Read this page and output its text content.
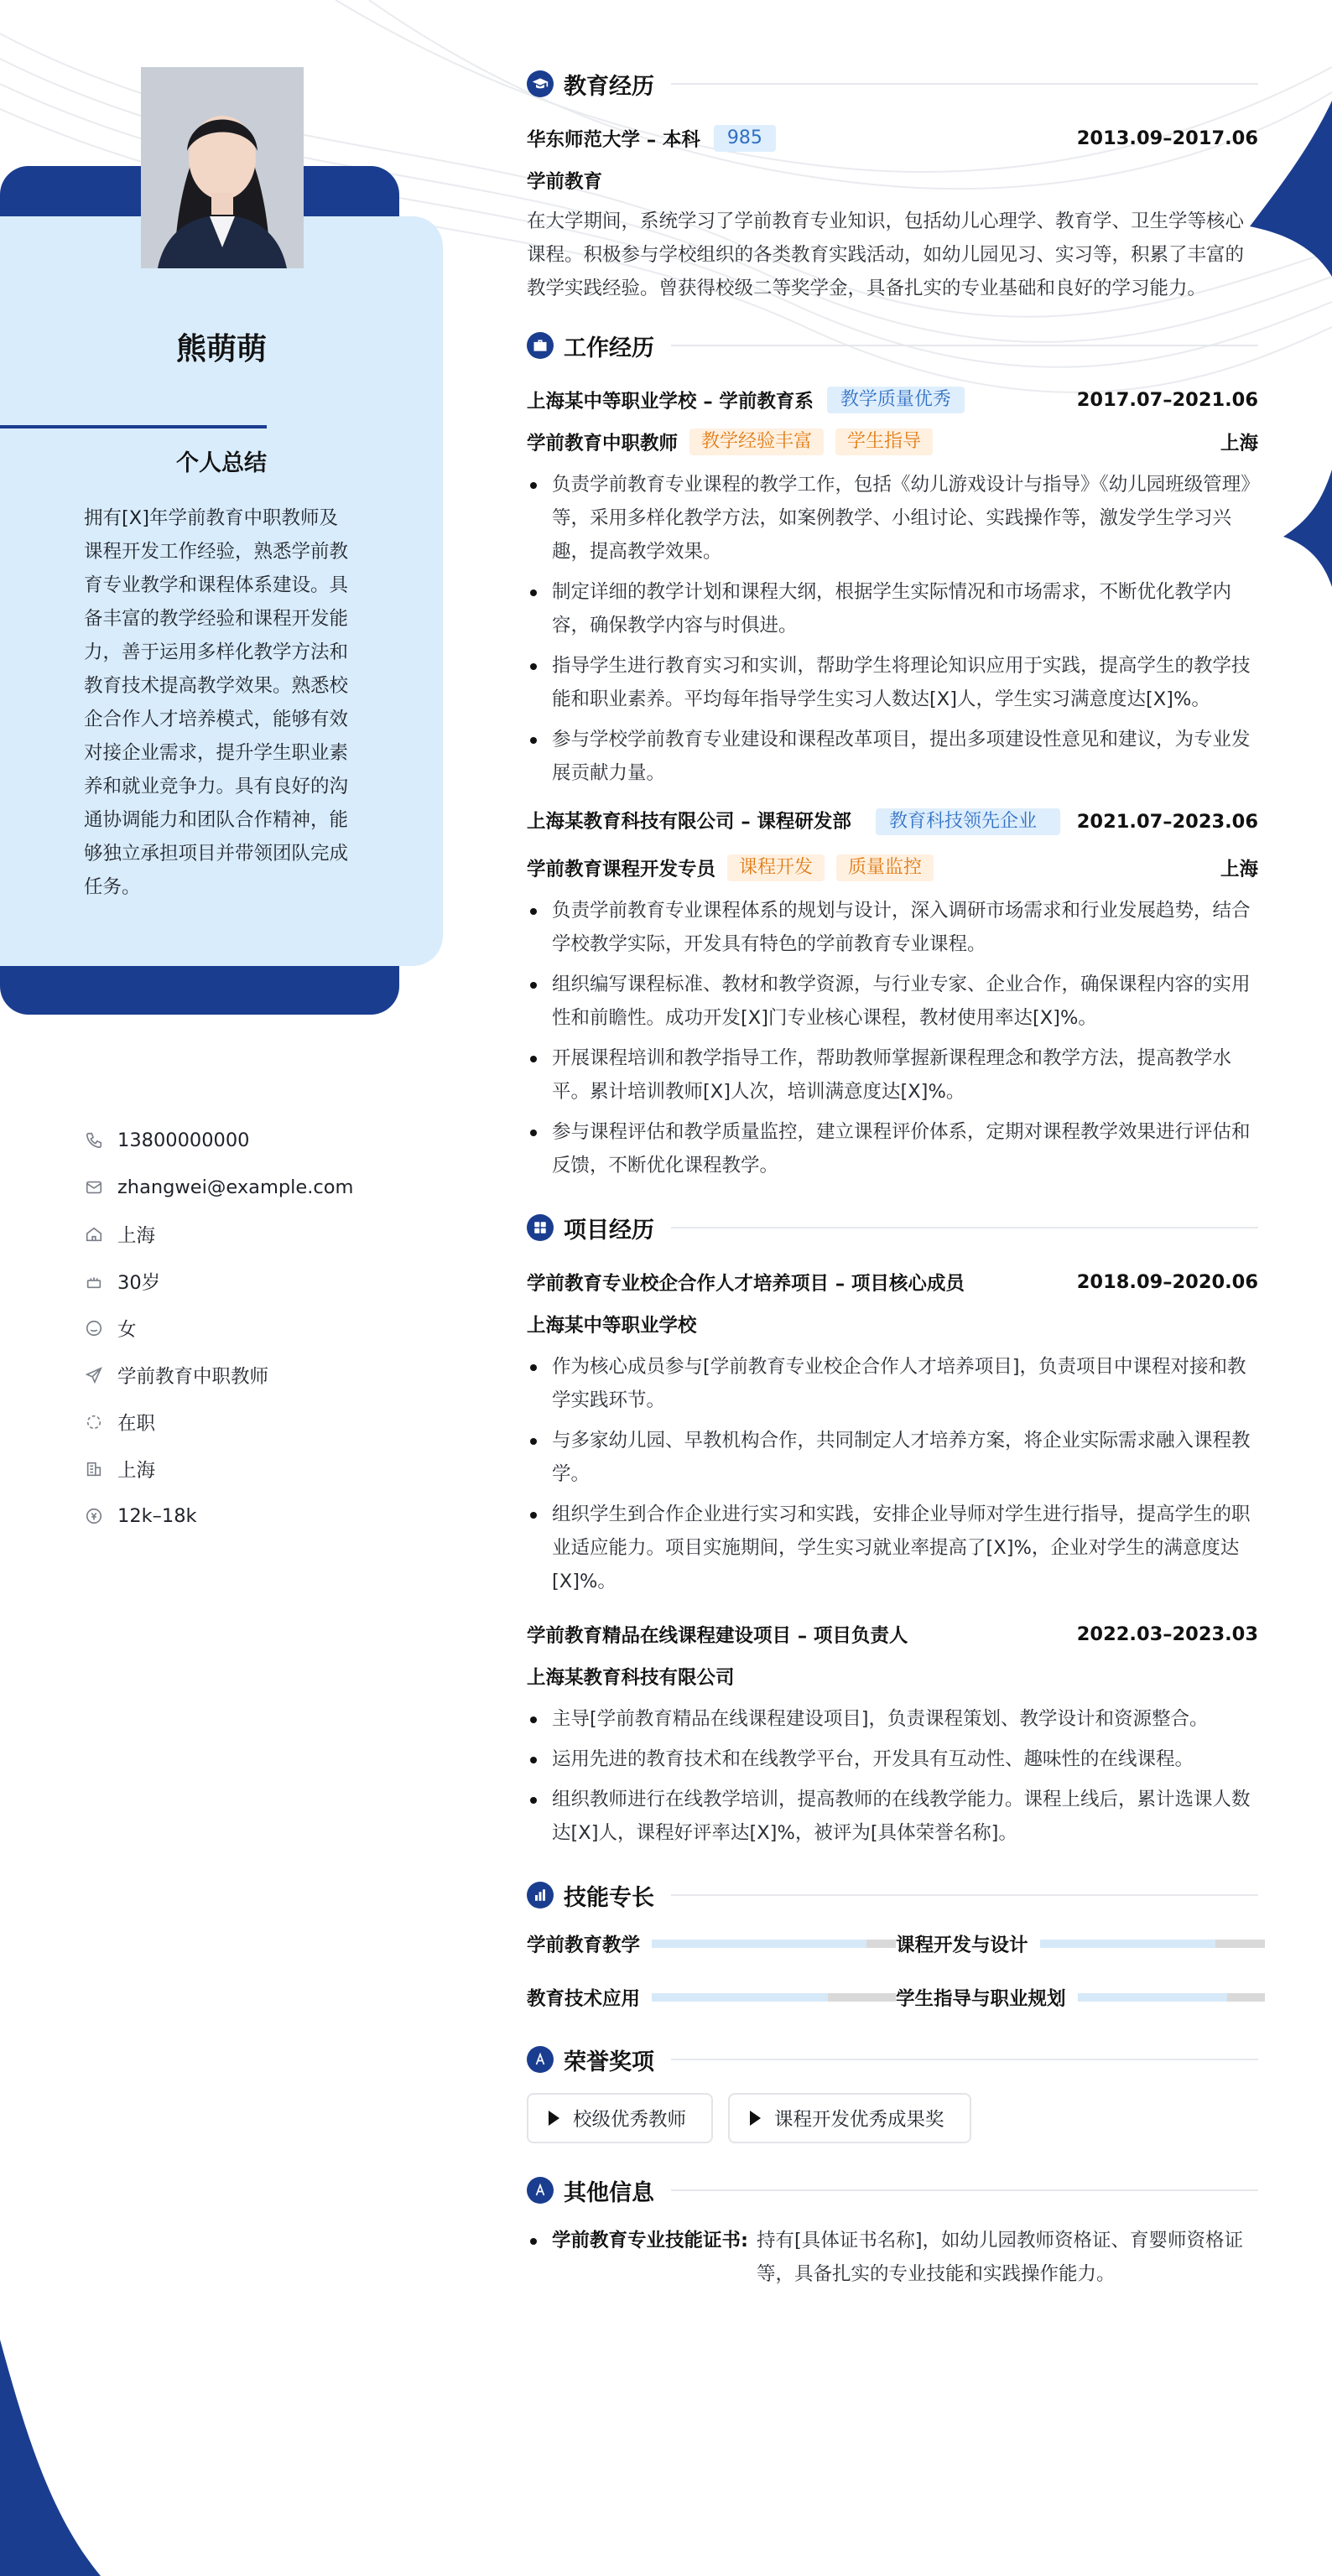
熊萌萌
个人总结
拥有[X]年学前教育中职教师及课程开发工作经验，熟悉学前教育专业教学和课程体系建设。具备丰富的教学经验和课程开发能力，善于运用多样化教学方法和教育技术提高教学效果。熟悉校企合作人才培养模式，能够有效对接企业需求，提升学生职业素养和就业竞争力。具有良好的沟通协调能力和团队合作精神，能够独立承担项目并带领团队完成任务。
13800000000
zhangwei@example.com
上海
30岁
女
学前教育中职教师
在职
上海
12k–18k
教育经历
华东师范大学 – 本科	985	2013.09–2017.06
学前教育
在大学期间，系统学习了学前教育专业知识，包括幼儿心理学、教育学、卫生学等核心课程。积极参与学校组织的各类教育实践活动，如幼儿园见习、实习等，积累了丰富的教学实践经验。曾获得校级二等奖学金，具备扎实的专业基础和良好的学习能力。
工作经历
上海某中等职业学校 – 学前教育系	教学质量优秀	2017.07–2021.06
学前教育中职教师	教学经验丰富	学生指导	上海
负责学前教育专业课程的教学工作，包括《幼儿游戏设计与指导》《幼儿园班级管理》等，采用多样化教学方法，如案例教学、小组讨论、实践操作等，激发学生学习兴趣，提高教学效果。
制定详细的教学计划和课程大纲，根据学生实际情况和市场需求，不断优化教学内容，确保教学内容与时俱进。
指导学生进行教育实习和实训，帮助学生将理论知识应用于实践，提高学生的教学技能和职业素养。平均每年指导学生实习人数达[X]人，学生实习满意度达[X]%。
参与学校学前教育专业建设和课程改革项目，提出多项建设性意见和建议，为专业发展贡献力量。
上海某教育科技有限公司 – 课程研发部	教育科技领先企业	2021.07–2023.06
学前教育课程开发专员	课程开发	质量监控	上海
负责学前教育专业课程体系的规划与设计，深入调研市场需求和行业发展趋势，结合学校教学实际，开发具有特色的学前教育专业课程。
组织编写课程标准、教材和教学资源，与行业专家、企业合作，确保课程内容的实用性和前瞻性。成功开发[X]门专业核心课程，教材使用率达[X]%。
开展课程培训和教学指导工作，帮助教师掌握新课程理念和教学方法，提高教学水平。累计培训教师[X]人次，培训满意度达[X]%。
参与课程评估和教学质量监控，建立课程评价体系，定期对课程教学效果进行评估和反馈，不断优化课程教学。
项目经历
学前教育专业校企合作人才培养项目 – 项目核心成员	2018.09–2020.06
上海某中等职业学校
作为核心成员参与[学前教育专业校企合作人才培养项目]，负责项目中课程对接和教学实践环节。
与多家幼儿园、早教机构合作，共同制定人才培养方案，将企业实际需求融入课程教学。
组织学生到合作企业进行实习和实践，安排企业导师对学生进行指导，提高学生的职业适应能力。项目实施期间，学生实习就业率提高了[X]%，企业对学生的满意度达[X]%。
学前教育精品在线课程建设项目 – 项目负责人	2022.03–2023.03
上海某教育科技有限公司
主导[学前教育精品在线课程建设项目]，负责课程策划、教学设计和资源整合。
运用先进的教育技术和在线教学平台，开发具有互动性、趣味性的在线课程。
组织教师进行在线教学培训，提高教师的在线教学能力。课程上线后，累计选课人数达[X]人，课程好评率达[X]%，被评为[具体荣誉名称]。
技能专长
学前教育教学	课程开发与设计
教育技术应用	学生指导与职业规划
荣誉奖项
校级优秀教师	课程开发优秀成果奖
其他信息
学前教育专业技能证书: 持有[具体证书名称]，如幼儿园教师资格证、育婴师资格证等，具备扎实的专业技能和实践操作能力。
